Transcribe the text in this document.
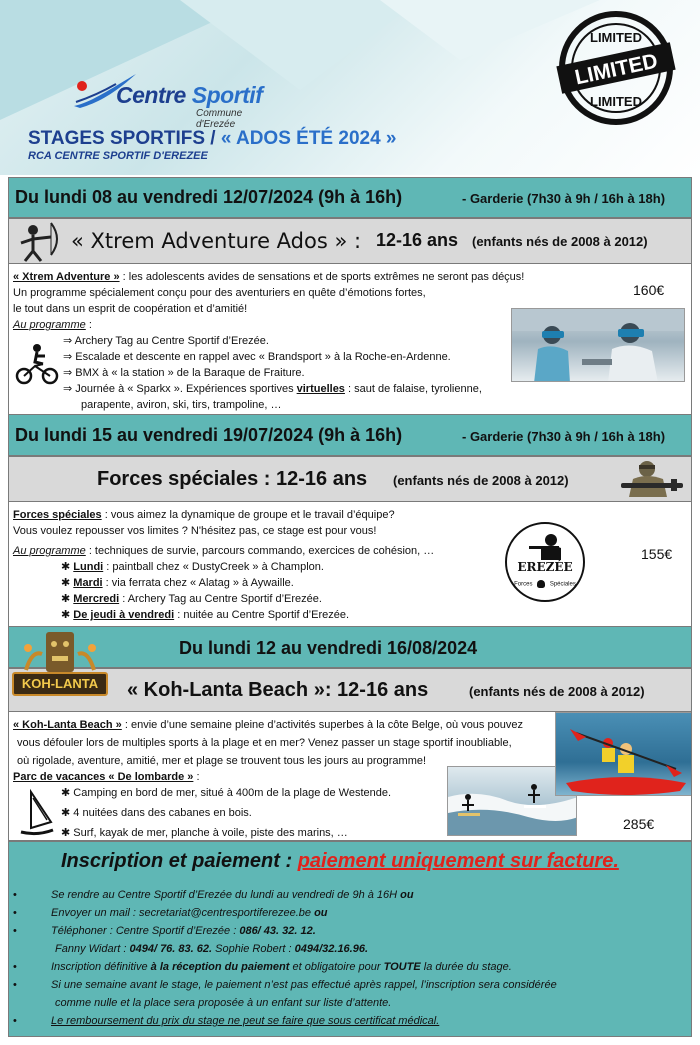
Centre Sportif
Commune d'Erezée
LIMITED
LIMITED
LIMITED
STAGES SPORTIFS / « ADOS ÉTÉ 2024 »
RCA CENTRE SPORTIF D'EREZEE
Du lundi 08 au vendredi 12/07/2024 (9h à 16h)	- Garderie (7h30 à 9h / 16h à 18h)
« Xtrem Adventure Ados » : 12-16 ans (enfants nés de 2008 à 2012)
« Xtrem Adventure » : les adolescents avides de sensations et de sports extrêmes ne seront pas déçus!
Un programme spécialement conçu pour des aventuriers en quête d’émotions fortes,
le tout dans un esprit de coopération et d’amitié!
Au programme :
160€
⇒ Archery Tag au Centre Sportif d’Erezée.
⇒ Escalade et descente en rappel avec « Brandsport » à la Roche-en-Ardenne.
⇒ BMX à « la station » de la Baraque de Fraiture.
⇒ Journée à « Sparkx ». Expériences sportives virtuelles : saut de falaise, tyrolienne,
parapente, aviron, ski, tirs, trampoline, …
Du lundi 15 au vendredi 19/07/2024 (9h à 16h)	- Garderie (7h30 à 9h / 16h à 18h)
Forces spéciales : 12-16 ans (enfants nés de 2008 à 2012)
Forces spéciales : vous aimez la dynamique de groupe et le travail d’équipe?
Vous voulez repousser vos limites ? N'hésitez pas, ce stage est pour vous!
Au programme : techniques de survie, parcours commando, exercices de cohésion, …
✱ Lundi : paintball chez « DustyCreek » à Champlon.
✱ Mardi : via ferrata chez « Alatag » à Aywaille.
✱ Mercredi : Archery Tag au Centre Sportif d’Erezée.
✱ De jeudi à vendredi : nuitée au Centre Sportif d’Erezée.
EREZÉE
Forces	Spéciales
155€
Du lundi 12 au vendredi 16/08/2024
« Koh-Lanta Beach »: 12-16 ans	(enfants nés de 2008 à 2012)
KOH-LANTA
« Koh-Lanta Beach » : envie d’une semaine pleine d’activités superbes à la côte Belge, où vous pouvez
vous défouler lors de multiples sports à la plage et en mer? Venez passer un stage sportif inoubliable,
où rigolade, aventure, amitié, mer et plage se trouvent tous les jours au programme!
Parc de vacances « De lombarde » :
✱ Camping en bord de mer, situé à 400m de la plage de Westende.
✱ 4 nuitées dans des cabanes en bois.
✱ Surf, kayak de mer, planche à voile, piste des marins, …
285€
Inscription et paiement : paiement uniquement sur facture.
•	Se rendre au Centre Sportif d’Erezée du lundi au vendredi de 9h à 16H ou
•	Envoyer un mail : secretariat@centresportiferezee.be ou
•	Téléphoner : Centre Sportif d’Erezée : 086/ 43. 32. 12.
Fanny Widart : 0494/ 76. 83. 62. Sophie Robert : 0494/32.16.96.
•	Inscription définitive à la réception du paiement et obligatoire pour TOUTE la durée du stage.
•	Si une semaine avant le stage, le paiement n’est pas effectué après rappel, l’inscription sera considérée
comme nulle et la place sera proposée à un enfant sur liste d’attente.
•	Le remboursement du prix du stage ne peut se faire que sous certificat médical.
